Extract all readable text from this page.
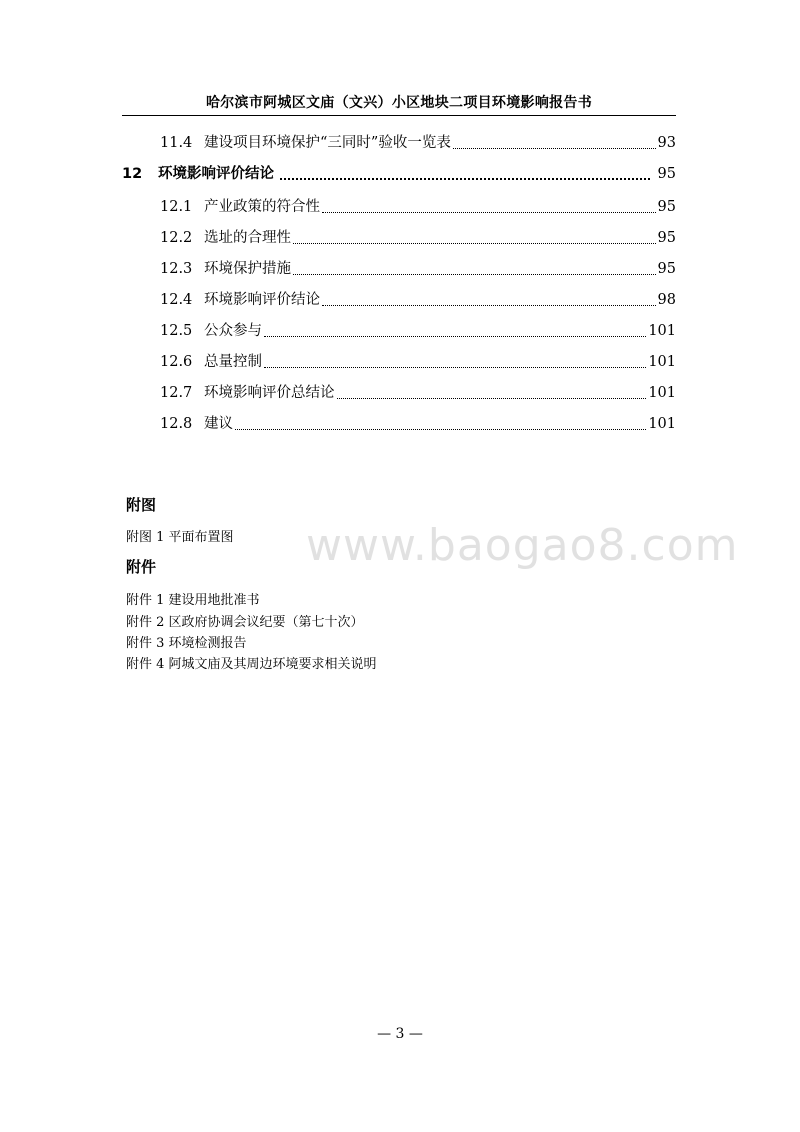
哈尔滨市阿城区文庙（文兴）小区地块二项目环境影响报告书
11.4 建设项目环境保护“三同时”验收一览表	93
12	环境影响评价结论	95
12.1 产业政策的符合性	95
12.2 选址的合理性	95
12.3 环境保护措施	95
12.4 环境影响评价结论	98
12.5 公众参与	101
12.6 总量控制	101
12.7 环境影响评价总结论	101
12.8 建议	101
附图
附图 1 平面布置图
附件
附件 1 建设用地批准书
附件 2 区政府协调会议纪要（第七十次）
附件 3 环境检测报告
附件 4 阿城文庙及其周边环境要求相关说明
www.baogao8.com
— 3 —
